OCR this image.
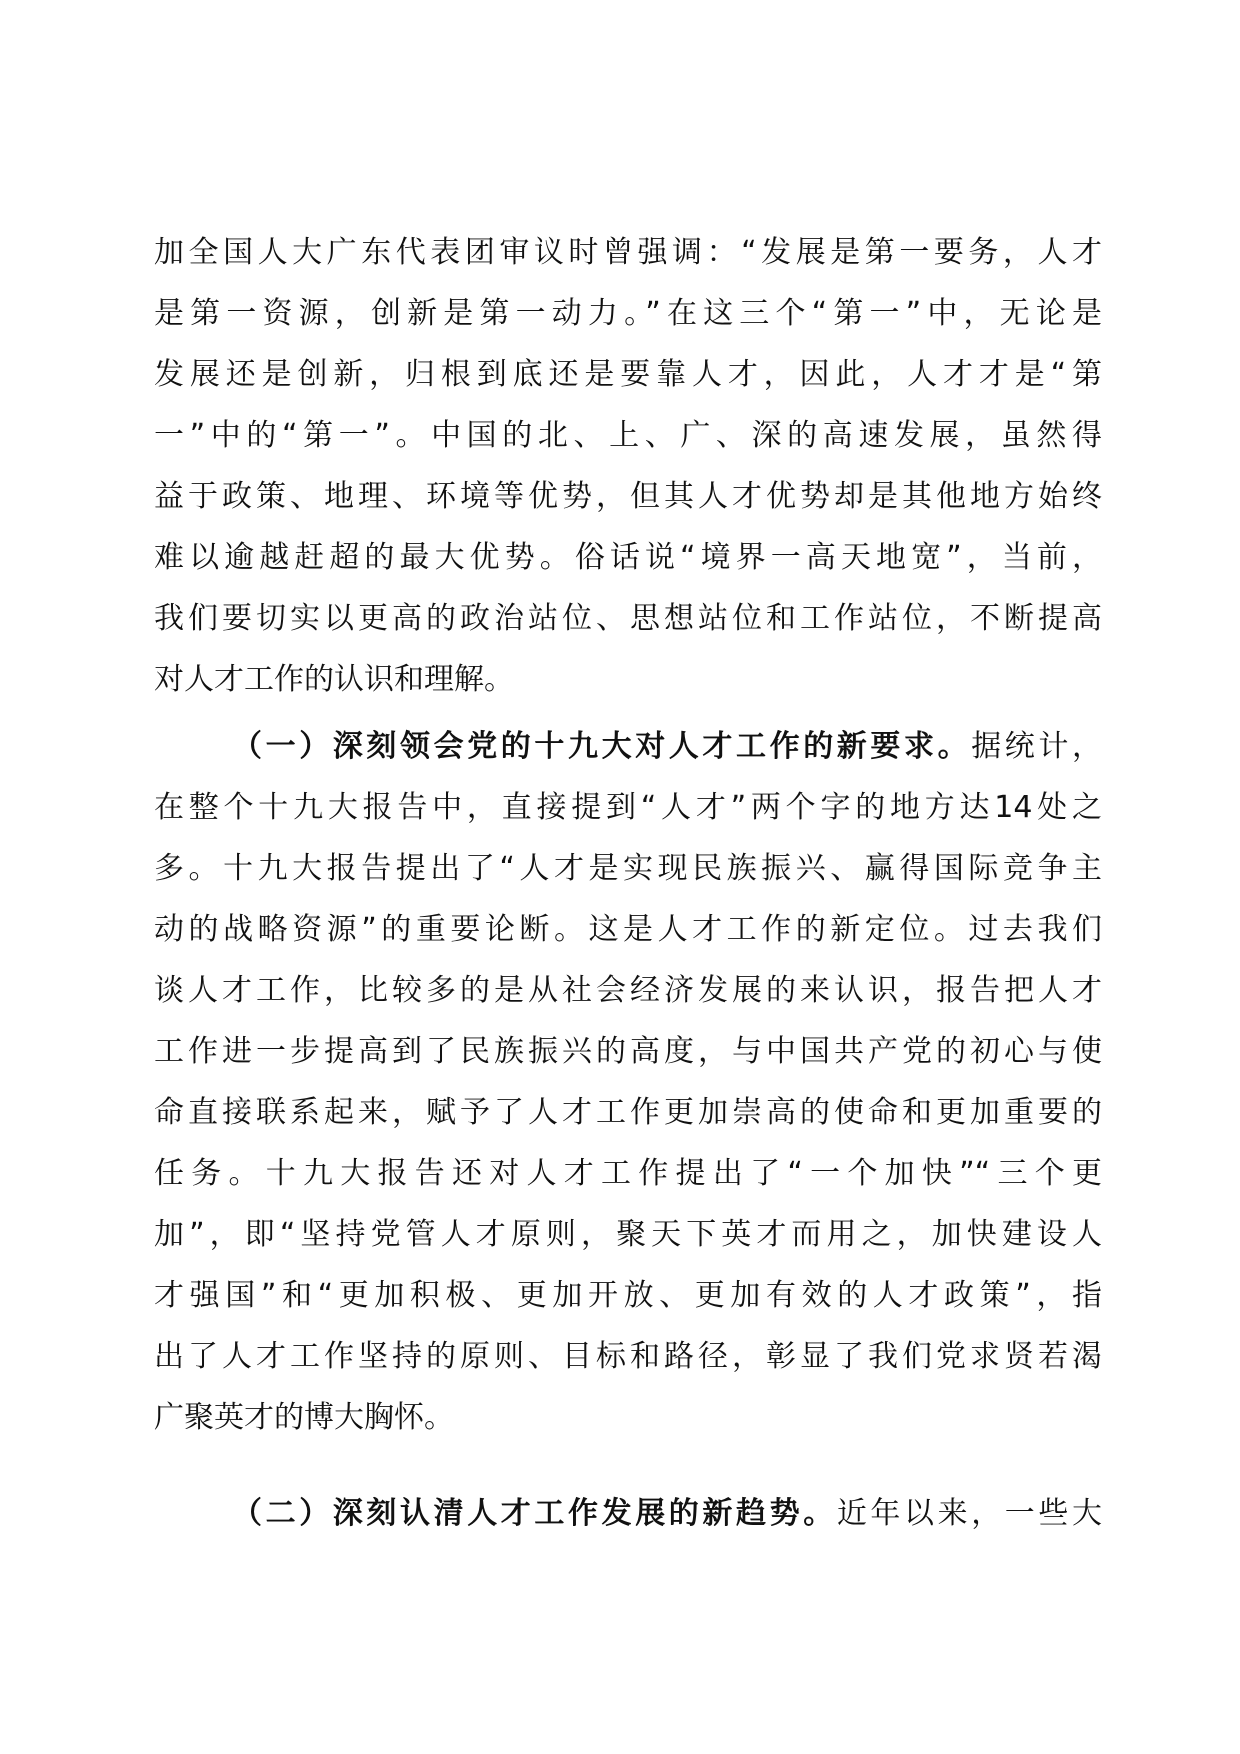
加全国人大广东代表团审议时曾强调：“发展是第一要务，人才
是第一资源，创新是第一动力。”在这三个“第一”中，无论是
发展还是创新，归根到底还是要靠人才，因此，人才才是“第
一”中的“第一”。中国的北、上、广、深的高速发展，虽然得
益于政策、地理、环境等优势，但其人才优势却是其他地方始终
难以逾越赶超的最大优势。俗话说“境界一高天地宽”，当前，
我们要切实以更高的政治站位、思想站位和工作站位，不断提高
对人才工作的认识和理解。
（一）深刻领会党的十九大对人才工作的新要求。据统计，
在整个十九大报告中，直接提到“人才”两个字的地方达14处之
多。十九大报告提出了“人才是实现民族振兴、赢得国际竞争主
动的战略资源”的重要论断。这是人才工作的新定位。过去我们
谈人才工作，比较多的是从社会经济发展的来认识，报告把人才
工作进一步提高到了民族振兴的高度，与中国共产党的初心与使
命直接联系起来，赋予了人才工作更加崇高的使命和更加重要的
任务。十九大报告还对人才工作提出了“一个加快”“三个更
加”，即“坚持党管人才原则，聚天下英才而用之，加快建设人
才强国”和“更加积极、更加开放、更加有效的人才政策”，指
出了人才工作坚持的原则、目标和路径，彰显了我们党求贤若渴
广聚英才的博大胸怀。
（二）深刻认清人才工作发展的新趋势。近年以来，一些大
